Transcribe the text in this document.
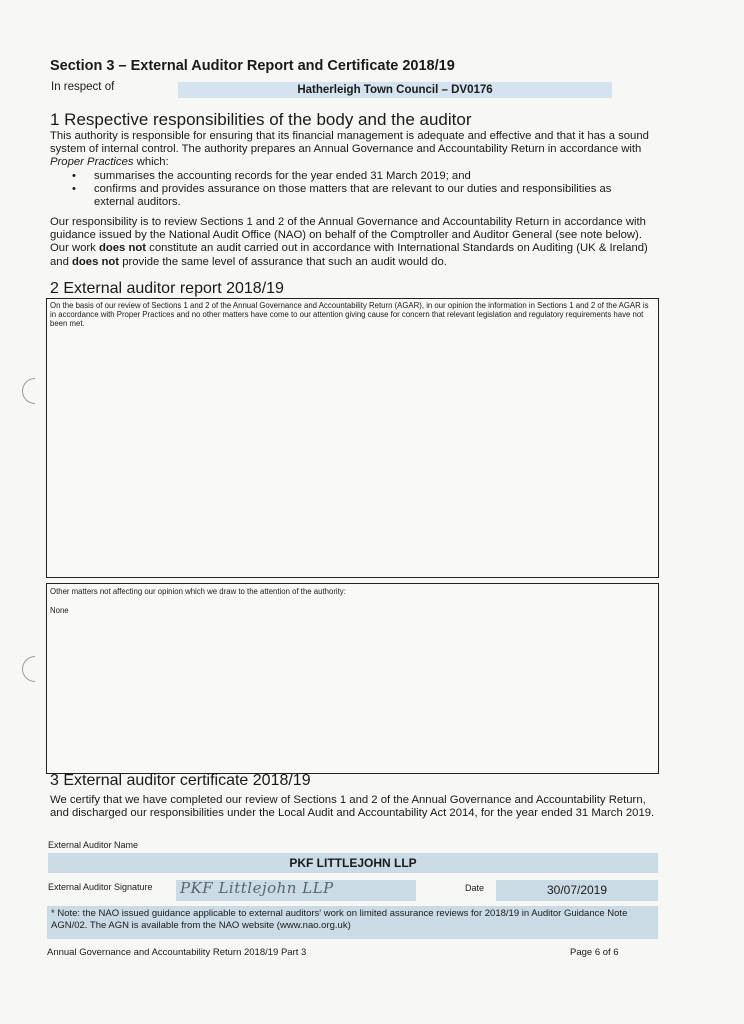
Section 3 – External Auditor Report and Certificate 2018/19
In respect of	Hatherleigh Town Council – DV0176
1 Respective responsibilities of the body and the auditor
This authority is responsible for ensuring that its financial management is adequate and effective and that it has a sound system of internal control. The authority prepares an Annual Governance and Accountability Return in accordance with Proper Practices which:
• summarises the accounting records for the year ended 31 March 2019; and
• confirms and provides assurance on those matters that are relevant to our duties and responsibilities as external auditors.
Our responsibility is to review Sections 1 and 2 of the Annual Governance and Accountability Return in accordance with guidance issued by the National Audit Office (NAO) on behalf of the Comptroller and Auditor General (see note below). Our work does not constitute an audit carried out in accordance with International Standards on Auditing (UK & Ireland) and does not provide the same level of assurance that such an audit would do.
2 External auditor report 2018/19
On the basis of our review of Sections 1 and 2 of the Annual Governance and Accountability Return (AGAR), in our opinion the information in Sections 1 and 2 of the AGAR is in accordance with Proper Practices and no other matters have come to our attention giving cause for concern that relevant legislation and regulatory requirements have not been met.
Other matters not affecting our opinion which we draw to the attention of the authority:
None
3 External auditor certificate 2018/19
We certify that we have completed our review of Sections 1 and 2 of the Annual Governance and Accountability Return, and discharged our responsibilities under the Local Audit and Accountability Act 2014, for the year ended 31 March 2019.
External Auditor Name
PKF LITTLEJOHN LLP
External Auditor Signature PKF Littlejohn LLP	Date	30/07/2019
* Note: the NAO issued guidance applicable to external auditors' work on limited assurance reviews for 2018/19 in Auditor Guidance Note AGN/02. The AGN is available from the NAO website (www.nao.org.uk)
Annual Governance and Accountability Return 2018/19 Part 3	Page 6 of 6
